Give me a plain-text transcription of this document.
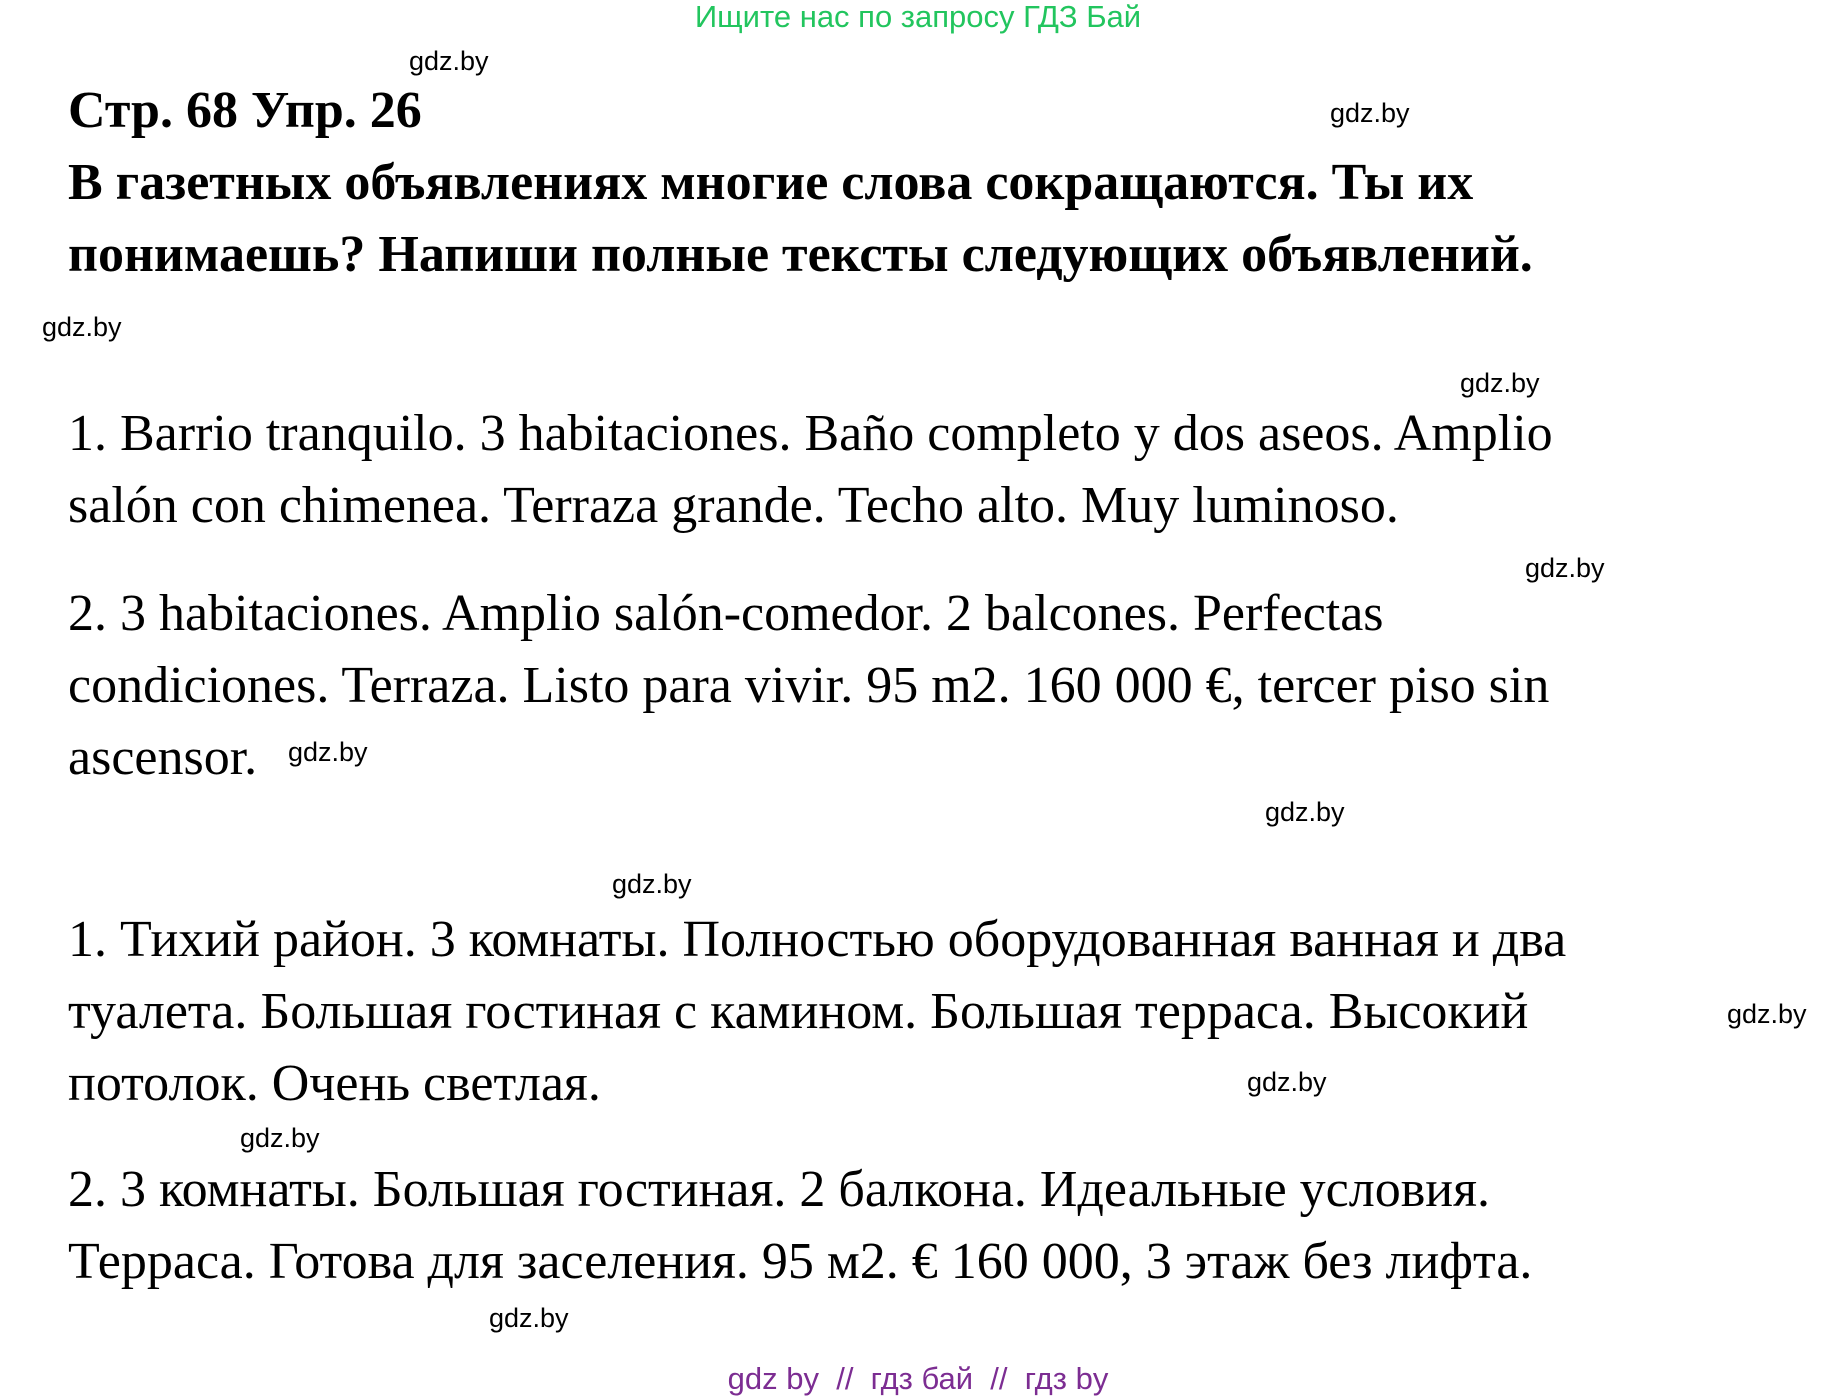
Ищите нас по запросу ГДЗ Бай
Стр. 68 Упр. 26
В газетных объявлениях многие слова сокращаются. Ты их
понимаешь? Напиши полные тексты следующих объявлений.
1. Barrio tranquilo. 3 habitaciones. Baño completo y dos aseos. Amplio
salón con chimenea. Terraza grande. Techo alto. Muy luminoso.
2. 3 habitaciones. Amplio salón-comedor. 2 balcones. Perfectas
condiciones. Terraza. Listo para vivir. 95 m2. 160 000 €, tercer piso sin
ascensor.
1. Тихий район. 3 комнаты. Полностью оборудованная ванная и два
туалета. Большая гостиная с камином. Большая терраса. Высокий
потолок. Очень светлая.
2. 3 комнаты. Большая гостиная. 2 балкона. Идеальные условия.
Терраса. Готова для заселения. 95 м2. € 160 000, 3 этаж без лифта.
gdz.by
gdz.by
gdz.by
gdz.by
gdz.by
gdz.by
gdz.by
gdz.by
gdz.by
gdz.by
gdz.by
gdz.by
gdz by  //  гдз бай  //  гдз by
